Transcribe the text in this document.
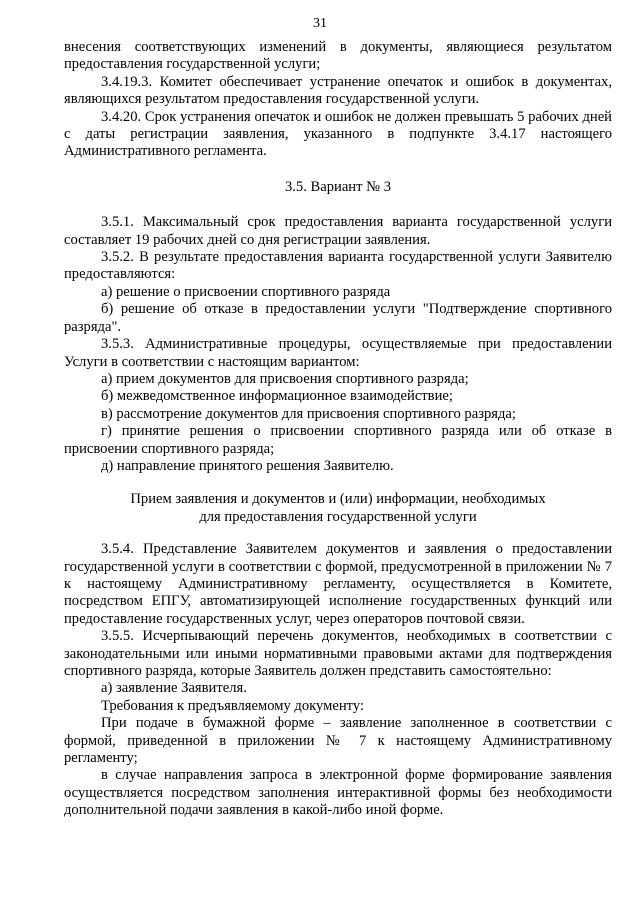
31

внесения соответствующих изменений в документы, являющиеся результатом предоставления государственной услуги;

3.4.19.3. Комитет обеспечивает устранение опечаток и ошибок в документах, являющихся результатом предоставления государственной услуги.

3.4.20. Срок устранения опечаток и ошибок не должен превышать 5 рабочих дней с даты регистрации заявления, указанного в подпункте 3.4.17 настоящего Административного регламента.

3.5. Вариант № 3

3.5.1. Максимальный срок предоставления варианта государственной услуги составляет 19 рабочих дней со дня регистрации заявления.

3.5.2. В результате предоставления варианта государственной услуги Заявителю предоставляются:

а) решение о присвоении спортивного разряда

б) решение об отказе в предоставлении услуги "Подтверждение спортивного разряда".

3.5.3. Административные процедуры, осуществляемые при предоставлении Услуги в соответствии с настоящим вариантом:

а) прием документов для присвоения спортивного разряда;

б) межведомственное информационное взаимодействие;

в) рассмотрение документов для присвоения спортивного разряда;

г) принятие решения о присвоении спортивного разряда или об отказе в присвоении спортивного разряда;

д) направление принятого решения Заявителю.

Прием заявления и документов и (или) информации, необходимых
для предоставления государственной услуги

3.5.4. Представление Заявителем документов и заявления о предоставлении государственной услуги в соответствии с формой, предусмотренной в приложении № 7 к настоящему Административному регламенту, осуществляется в Комитете, посредством ЕПГУ, автоматизирующей исполнение государственных функций или предоставление государственных услуг, через операторов почтовой связи.

3.5.5. Исчерпывающий перечень документов, необходимых в соответствии с законодательными или иными нормативными правовыми актами для подтверждения спортивного разряда, которые Заявитель должен представить самостоятельно:

а) заявление Заявителя.

Требования к предъявляемому документу:

При подаче в бумажной форме – заявление заполненное в соответствии с формой, приведенной в приложении № 7 к настоящему Административному регламенту;

в случае направления запроса в электронной форме формирование заявления осуществляется посредством заполнения интерактивной формы без необходимости дополнительной подачи заявления в какой-либо иной форме.
